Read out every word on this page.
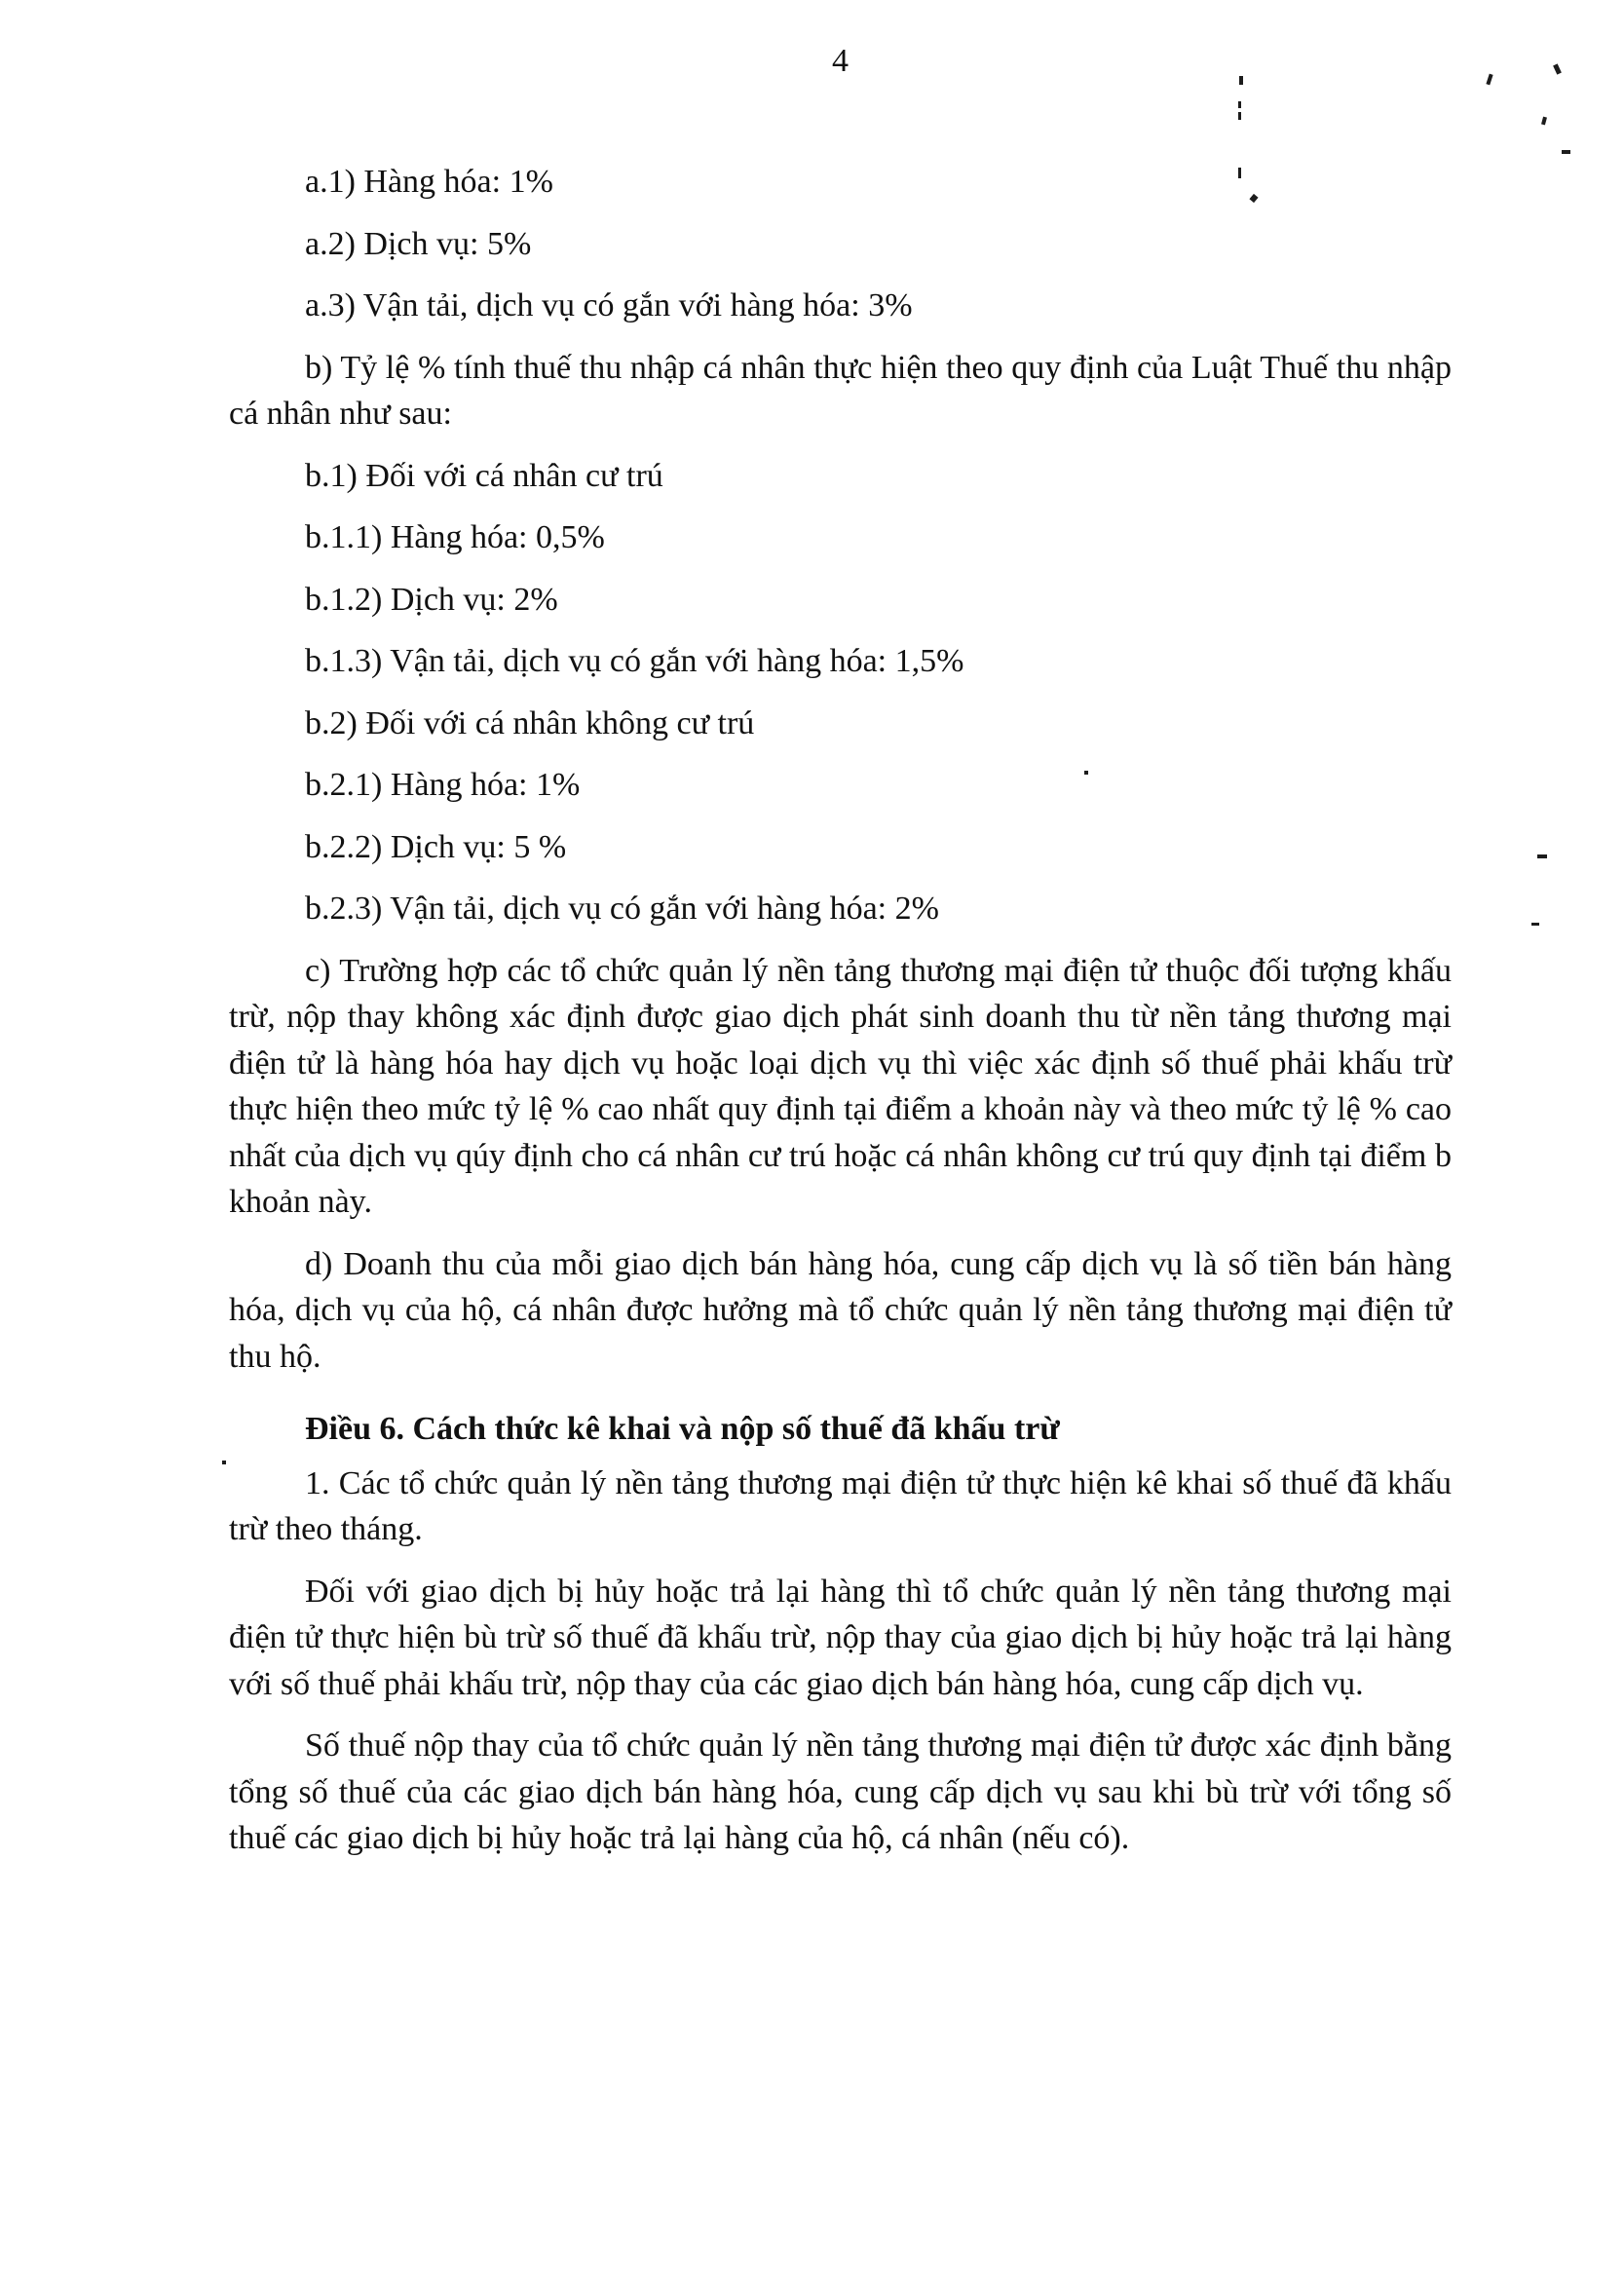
4

a.1) Hàng hóa: 1%

a.2) Dịch vụ: 5%

a.3) Vận tải, dịch vụ có gắn với hàng hóa: 3%

b) Tỷ lệ % tính thuế thu nhập cá nhân thực hiện theo quy định của Luật Thuế thu nhập cá nhân như sau:

b.1) Đối với cá nhân cư trú

b.1.1) Hàng hóa: 0,5%

b.1.2) Dịch vụ: 2%

b.1.3) Vận tải, dịch vụ có gắn với hàng hóa: 1,5%

b.2) Đối với cá nhân không cư trú

b.2.1) Hàng hóa: 1%

b.2.2) Dịch vụ: 5 %

b.2.3) Vận tải, dịch vụ có gắn với hàng hóa: 2%

c) Trường hợp các tổ chức quản lý nền tảng thương mại điện tử thuộc đối tượng khấu trừ, nộp thay không xác định được giao dịch phát sinh doanh thu từ nền tảng thương mại điện tử là hàng hóa hay dịch vụ hoặc loại dịch vụ thì việc xác định số thuế phải khấu trừ thực hiện theo mức tỷ lệ % cao nhất quy định tại điểm a khoản này và theo mức tỷ lệ % cao nhất của dịch vụ qúy định cho cá nhân cư trú hoặc cá nhân không cư trú quy định tại điểm b khoản này.

d) Doanh thu của mỗi giao dịch bán hàng hóa, cung cấp dịch vụ là số tiền bán hàng hóa, dịch vụ của hộ, cá nhân được hưởng mà tổ chức quản lý nền tảng thương mại điện tử thu hộ.

Điều 6. Cách thức kê khai và nộp số thuế đã khấu trừ

1. Các tổ chức quản lý nền tảng thương mại điện tử thực hiện kê khai số thuế đã khấu trừ theo tháng.

Đối với giao dịch bị hủy hoặc trả lại hàng thì tổ chức quản lý nền tảng thương mại điện tử thực hiện bù trừ số thuế đã khấu trừ, nộp thay của giao dịch bị hủy hoặc trả lại hàng với số thuế phải khấu trừ, nộp thay của các giao dịch bán hàng hóa, cung cấp dịch vụ.

Số thuế nộp thay của tổ chức quản lý nền tảng thương mại điện tử được xác định bằng tổng số thuế của các giao dịch bán hàng hóa, cung cấp dịch vụ sau khi bù trừ với tổng số thuế các giao dịch bị hủy hoặc trả lại hàng của hộ, cá nhân (nếu có).
